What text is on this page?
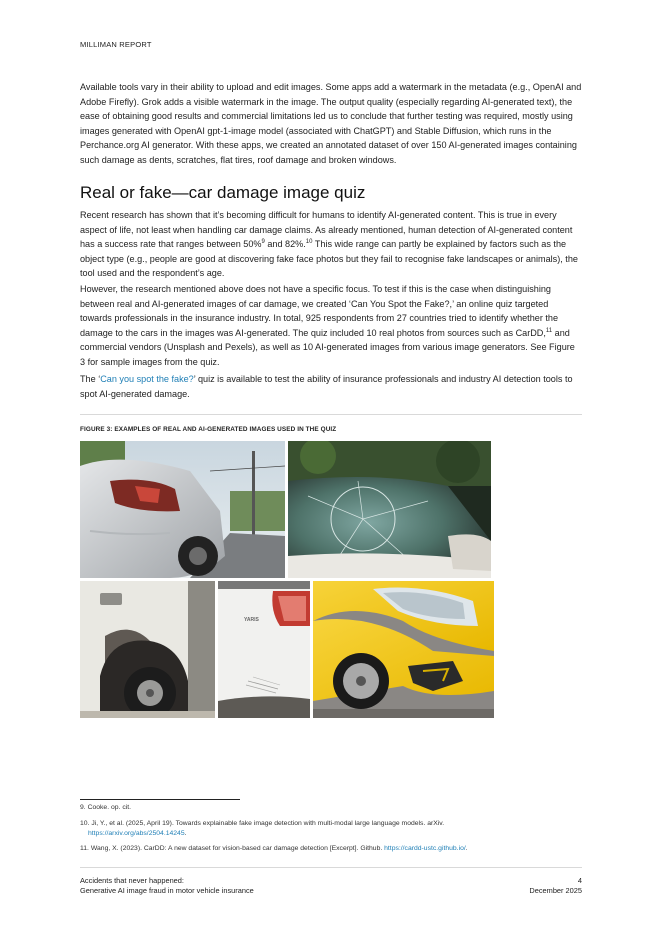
MILLIMAN REPORT
Available tools vary in their ability to upload and edit images. Some apps add a watermark in the metadata (e.g., OpenAI and Adobe Firefly). Grok adds a visible watermark in the image. The output quality (especially regarding AI-generated text), the ease of obtaining good results and commercial limitations led us to conclude that further testing was required, mostly using images generated with OpenAI gpt-1-image model (associated with ChatGPT) and Stable Diffusion, which runs in the Perchance.org AI generator. With these apps, we created an annotated dataset of over 150 AI-generated images containing such damage as dents, scratches, flat tires, roof damage and broken windows.
Real or fake—car damage image quiz
Recent research has shown that it’s becoming difficult for humans to identify AI-generated content. This is true in every aspect of life, not least when handling car damage claims. As already mentioned, human detection of AI-generated content has a success rate that ranges between 50%$^9$ and 82%.$^{10}$ This wide range can partly be explained by factors such as the object type (e.g., people are good at discovering fake face photos but they fail to recognise fake landscapes or animals), the tool used and the respondent’s age.
However, the research mentioned above does not have a specific focus. To test if this is the case when distinguishing between real and AI-generated images of car damage, we created ‘Can You Spot the Fake?,’ an online quiz targeted towards professionals in the insurance industry. In total, 925 respondents from 27 countries tried to identify whether the damage to the cars in the images was AI-generated. The quiz included 10 real photos from sources such as CarDD,$^{11}$ and commercial vendors (Unsplash and Pexels), as well as 10 AI-generated images from various image generators. See Figure 3 for sample images from the quiz.
The ‘Can you spot the fake?’ quiz is available to test the ability of insurance professionals and industry AI detection tools to spot AI-generated damage.
FIGURE 3: EXAMPLES OF REAL AND AI-GENERATED IMAGES USED IN THE QUIZ
YARIS
9. Cooke. op. cit.
10. Ji, Y., et al. (2025, April 19). Towards explainable fake image detection with multi-modal large language models. arXiv.
https://arxiv.org/abs/2504.14245.
11. Wang, X. (2023). CarDD: A new dataset for vision-based car damage detection [Excerpt]. Github. https://cardd-ustc.github.io/.
Accidents that never happened:
Generative AI image fraud in motor vehicle insurance
4
December 2025
